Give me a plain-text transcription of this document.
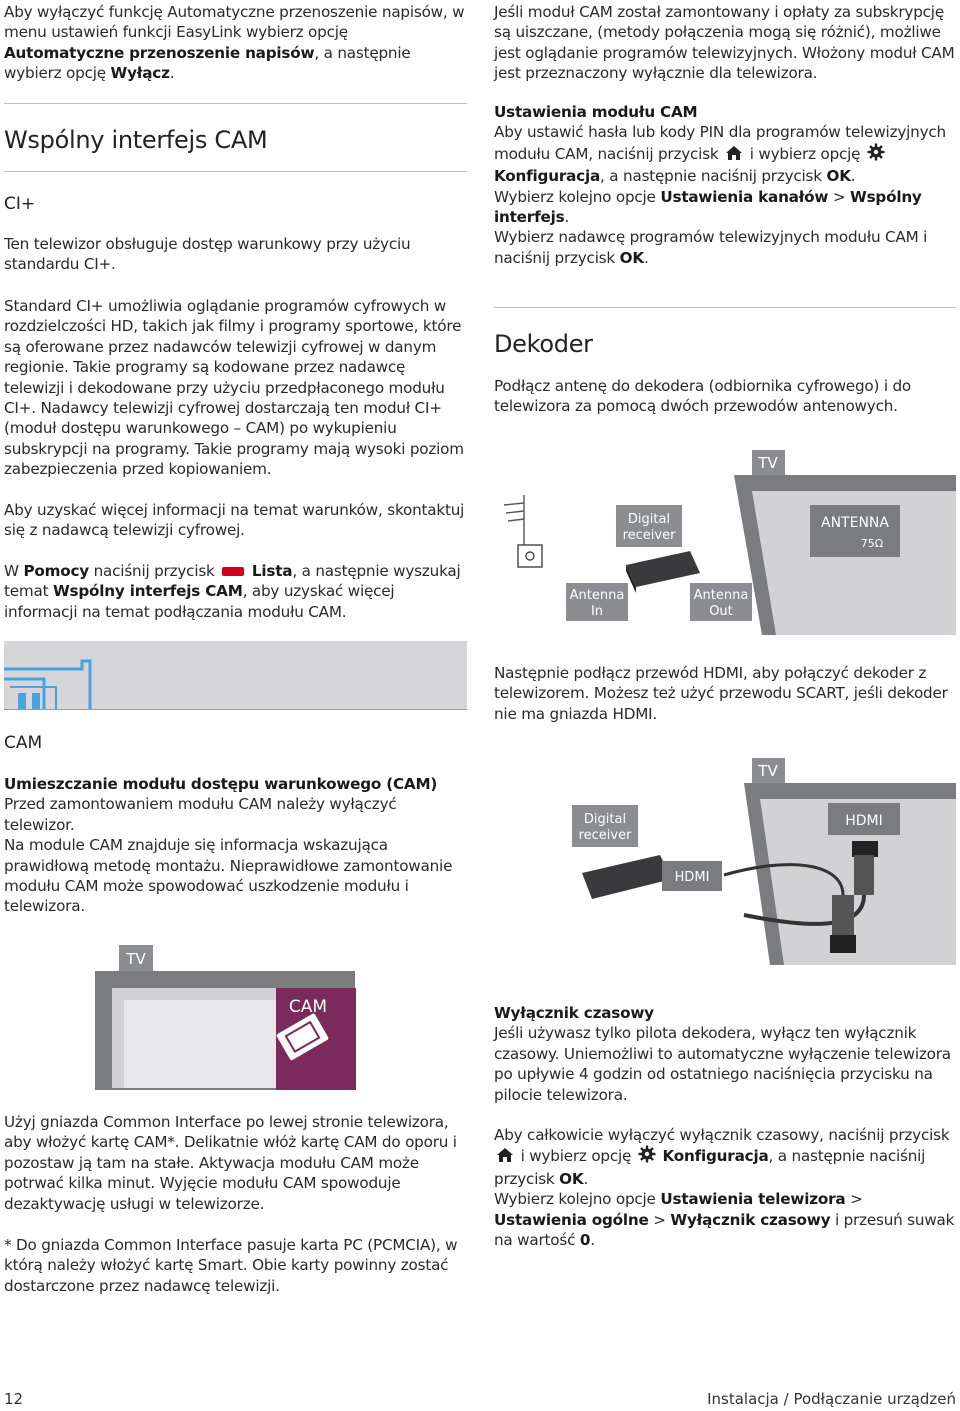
Aby wyłączyć funkcję Automatyczne przenoszenie napisów, w menu ustawień funkcji EasyLink wybierz opcję Automatyczne przenoszenie napisów, a następnie wybierz opcję Wyłącz.

Wspólny interfejs CAM
CI+

Ten telewizor obsługuje dostęp warunkowy przy użyciu standardu CI+.

Standard CI+ umożliwia oglądanie programów cyfrowych w rozdzielczości HD, takich jak filmy i programy sportowe, które są oferowane przez nadawców telewizji cyfrowej w danym regionie. Takie programy są kodowane przez nadawcę telewizji i dekodowane przy użyciu przedpłaconego modułu CI+. Nadawcy telewizji cyfrowej dostarczają ten moduł CI+ (moduł dostępu warunkowego – CAM) po wykupieniu subskrypcji na programy. Takie programy mają wysoki poziom zabezpieczenia przed kopiowaniem.

Aby uzyskać więcej informacji na temat warunków, skontaktuj się z nadawcą telewizji cyfrowej.

W Pomocy naciśnij przycisk  Lista, a następnie wyszukaj temat Wspólny interfejs CAM, aby uzyskać więcej informacji na temat podłączania modułu CAM.

CAM

Umieszczanie modułu dostępu warunkowego (CAM)

Przed zamontowaniem modułu CAM należy wyłączyć telewizor.

Na module CAM znajduje się informacja wskazująca prawidłową metodę montażu. Nieprawidłowe zamontowanie modułu CAM może spowodować uszkodzenie modułu i telewizora.

TV
CAM

Użyj gniazda Common Interface po lewej stronie telewizora, aby włożyć kartę CAM*. Delikatnie włóż kartę CAM do oporu i pozostaw ją tam na stałe. Aktywacja modułu CAM może potrwać kilka minut. Wyjęcie modułu CAM spowoduje dezaktywację usługi w telewizorze.

* Do gniazda Common Interface pasuje karta PC (PCMCIA), w którą należy włożyć kartę Smart. Obie karty powinny zostać dostarczone przez nadawcę telewizji.

Jeśli moduł CAM został zamontowany i opłaty za subskrypcję są uiszczane, (metody połączenia mogą się różnić), możliwe jest oglądanie programów telewizyjnych. Włożony moduł CAM jest przeznaczony wyłącznie dla telewizora.

Ustawienia modułu CAM

Aby ustawić hasła lub kody PIN dla programów telewizyjnych modułu CAM, naciśnij przycisk  i wybierz opcję  Konfiguracja, a następnie naciśnij przycisk OK.

Wybierz kolejno opcje Ustawienia kanałów > Wspólny interfejs.

Wybierz nadawcę programów telewizyjnych modułu CAM i naciśnij przycisk OK.

Dekoder

Podłącz antenę do dekodera (odbiornika cyfrowego) i do telewizora za pomocą dwóch przewodów antenowych.

TV
ANTENNA
75Ω
Digital
receiver
Antenna
In
Antenna
Out

Następnie podłącz przewód HDMI, aby połączyć dekoder z telewizorem. Możesz też użyć przewodu SCART, jeśli dekoder nie ma gniazda HDMI.

TV
HDMI
Digital
receiver
HDMI

Wyłącznik czasowy

Jeśli używasz tylko pilota dekodera, wyłącz ten wyłącznik czasowy. Uniemożliwi to automatyczne wyłączenie telewizora po upływie 4 godzin od ostatniego naciśnięcia przycisku na pilocie telewizora.

Aby całkowicie wyłączyć wyłącznik czasowy, naciśnij przycisk  i wybierz opcję  Konfiguracja, a następnie naciśnij przycisk OK.

Wybierz kolejno opcje Ustawienia telewizora > Ustawienia ogólne > Wyłącznik czasowy i przesuń suwak na wartość 0.

12	Instalacja / Podłączanie urządzeń
